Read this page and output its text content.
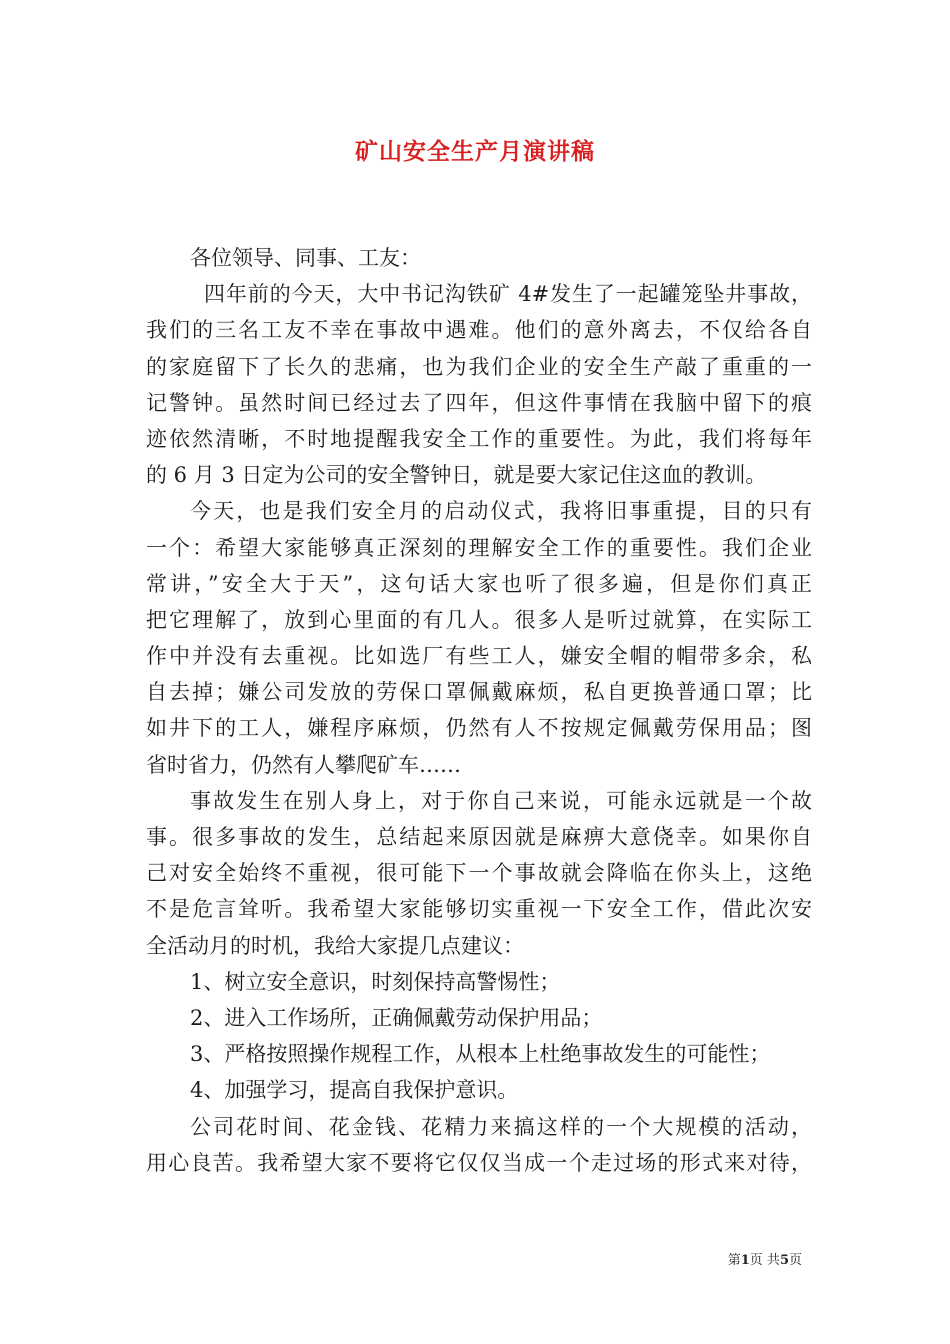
矿山安全生产月演讲稿
各位领导、同事、工友：
四年前的今天，大中书记沟铁矿 4#发生了一起罐笼坠井事故，
我们的三名工友不幸在事故中遇难。他们的意外离去，不仅给各自
的家庭留下了长久的悲痛，也为我们企业的安全生产敲了重重的一
记警钟。虽然时间已经过去了四年，但这件事情在我脑中留下的痕
迹依然清晰，不时地提醒我安全工作的重要性。为此，我们将每年
的 6 月 3 日定为公司的安全警钟日，就是要大家记住这血的教训。
今天，也是我们安全月的启动仪式，我将旧事重提，目的只有
一个：希望大家能够真正深刻的理解安全工作的重要性。我们企业
常讲，”安全大于天”，这句话大家也听了很多遍，但是你们真正
把它理解了，放到心里面的有几人。很多人是听过就算，在实际工
作中并没有去重视。比如选厂有些工人，嫌安全帽的帽带多余，私
自去掉；嫌公司发放的劳保口罩佩戴麻烦，私自更换普通口罩；比
如井下的工人，嫌程序麻烦，仍然有人不按规定佩戴劳保用品；图
省时省力，仍然有人攀爬矿车……
事故发生在别人身上，对于你自己来说，可能永远就是一个故
事。很多事故的发生，总结起来原因就是麻痹大意侥幸。如果你自
己对安全始终不重视，很可能下一个事故就会降临在你头上，这绝
不是危言耸听。我希望大家能够切实重视一下安全工作，借此次安
全活动月的时机，我给大家提几点建议：
1、树立安全意识，时刻保持高警惕性；
2、进入工作场所，正确佩戴劳动保护用品；
3、严格按照操作规程工作，从根本上杜绝事故发生的可能性；
4、加强学习，提高自我保护意识。
公司花时间、花金钱、花精力来搞这样的一个大规模的活动，
用心良苦。我希望大家不要将它仅仅当成一个走过场的形式来对待，
第1页 共5页
